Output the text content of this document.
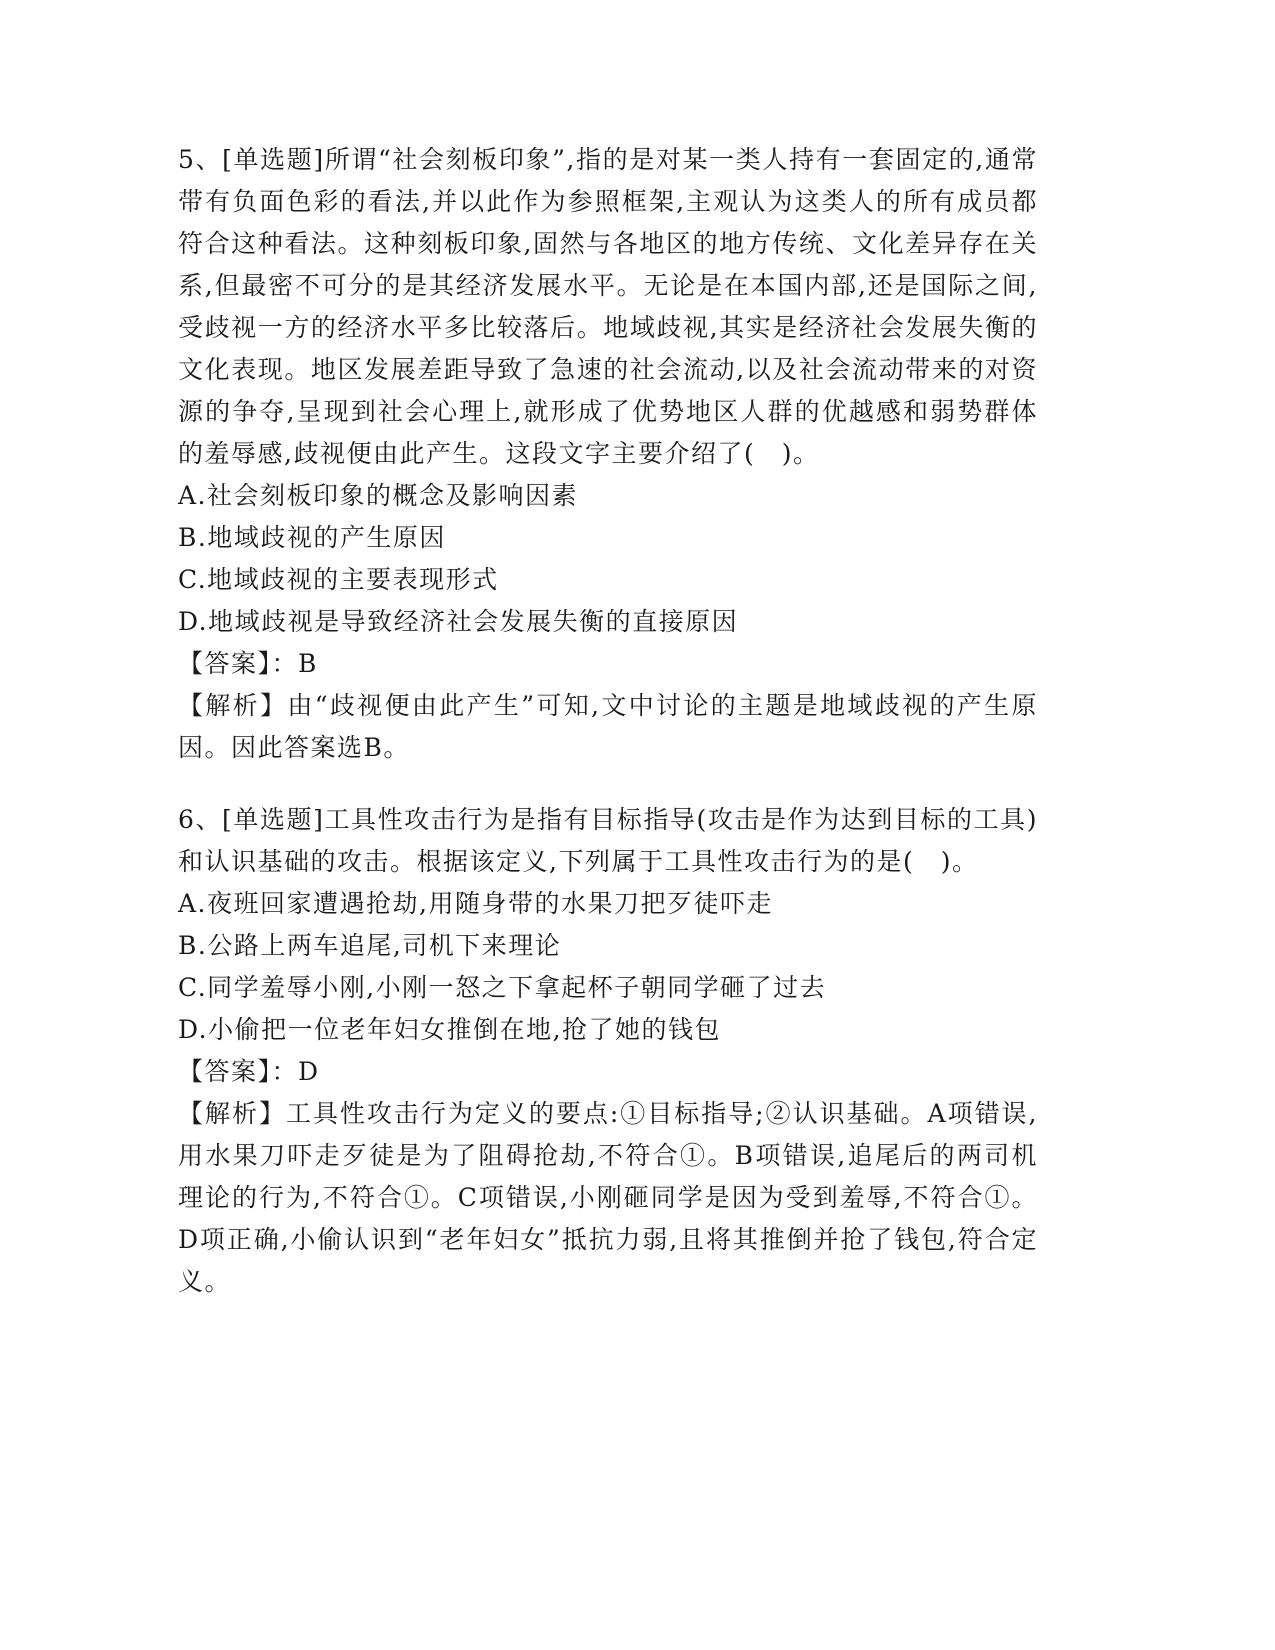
5、[单选题]所谓“社会刻板印象”,指的是对某一类人持有一套固定的,通常带有负面色彩的看法,并以此作为参照框架,主观认为这类人的所有成员都符合这种看法。这种刻板印象,固然与各地区的地方传统、文化差异存在关系,但最密不可分的是其经济发展水平。无论是在本国内部,还是国际之间,受歧视一方的经济水平多比较落后。地域歧视,其实是经济社会发展失衡的文化表现。地区发展差距导致了急速的社会流动,以及社会流动带来的对资源的争夺,呈现到社会心理上,就形成了优势地区人群的优越感和弱势群体的羞辱感,歧视便由此产生。这段文字主要介绍了(　)。

A.社会刻板印象的概念及影响因素

B.地域歧视的产生原因

C.地域歧视的主要表现形式

D.地域歧视是导致经济社会发展失衡的直接原因

【答案】：B

【解析】由“歧视便由此产生”可知,文中讨论的主题是地域歧视的产生原因。因此答案选B。

6、[单选题]工具性攻击行为是指有目标指导(攻击是作为达到目标的工具)和认识基础的攻击。根据该定义,下列属于工具性攻击行为的是(　)。

A.夜班回家遭遇抢劫,用随身带的水果刀把歹徒吓走

B.公路上两车追尾,司机下来理论

C.同学羞辱小刚,小刚一怒之下拿起杯子朝同学砸了过去

D.小偷把一位老年妇女推倒在地,抢了她的钱包

【答案】：D

【解析】工具性攻击行为定义的要点:①目标指导;②认识基础。A项错误,用水果刀吓走歹徒是为了阻碍抢劫,不符合①。B项错误,追尾后的两司机理论的行为,不符合①。C项错误,小刚砸同学是因为受到羞辱,不符合①。D项正确,小偷认识到“老年妇女”抵抗力弱,且将其推倒并抢了钱包,符合定义。
